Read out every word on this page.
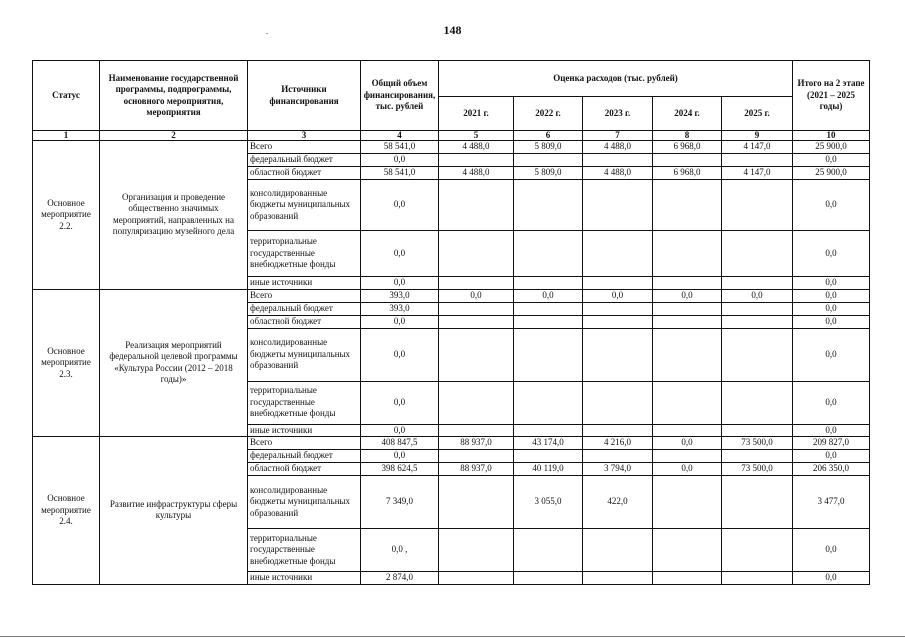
148
Статус	Наименование государственной программы, подпрограммы, основного мероприятия, мероприятия	Источники финансирования	Общий объем финансирования, тыс. рублей	Оценка расходов (тыс. рублей)					Итого на 2 этапе (2021 – 2025 годы)
				2021 г.	2022 г.	2023 г.	2024 г.	2025 г.	
1	2	3	4	5	6	7	8	9	10
Основное мероприятие 2.2.	Организация и проведение общественно значимых мероприятий, направленных на популяризацию музейного дела	Всего	58 541,0	4 488,0	5 809,0	4 488,0	6 968,0	4 147,0	25 900,0
		федеральный бюджет	0,0						0,0
		областной бюджет	58 541,0	4 488,0	5 809,0	4 488,0	6 968,0	4 147,0	25 900,0
		консолидированные бюджеты муниципальных образований	0,0						0,0
		территориальные государственные внебюджетные фонды	0,0						0,0
		иные источники	0,0						0,0
Основное мероприятие 2.3.	Реализация мероприятий федеральной целевой программы «Культура России (2012 – 2018 годы)»	Всего	393,0	0,0	0,0	0,0	0,0	0,0	0,0
		федеральный бюджет	393,0						0,0
		областной бюджет	0,0						0,0
		консолидированные бюджеты муниципальных образований	0,0						0,0
		территориальные государственные внебюджетные фонды	0,0						0,0
		иные источники	0,0						0,0
Основное мероприятие 2.4.	Развитие инфраструктуры сферы культуры	Всего	408 847,5	88 937,0	43 174,0	4 216,0	0,0	73 500,0	209 827,0
		федеральный бюджет	0,0						0,0
		областной бюджет	398 624,5	88 937,0	40 119,0	3 794,0	0,0	73 500,0	206 350,0
		консолидированные бюджеты муниципальных образований	7 349,0		3 055,0	422,0			3 477,0
		территориальные государственные внебюджетные фонды	0,0 ,						0,0
		иные источники	2 874,0						0,0
